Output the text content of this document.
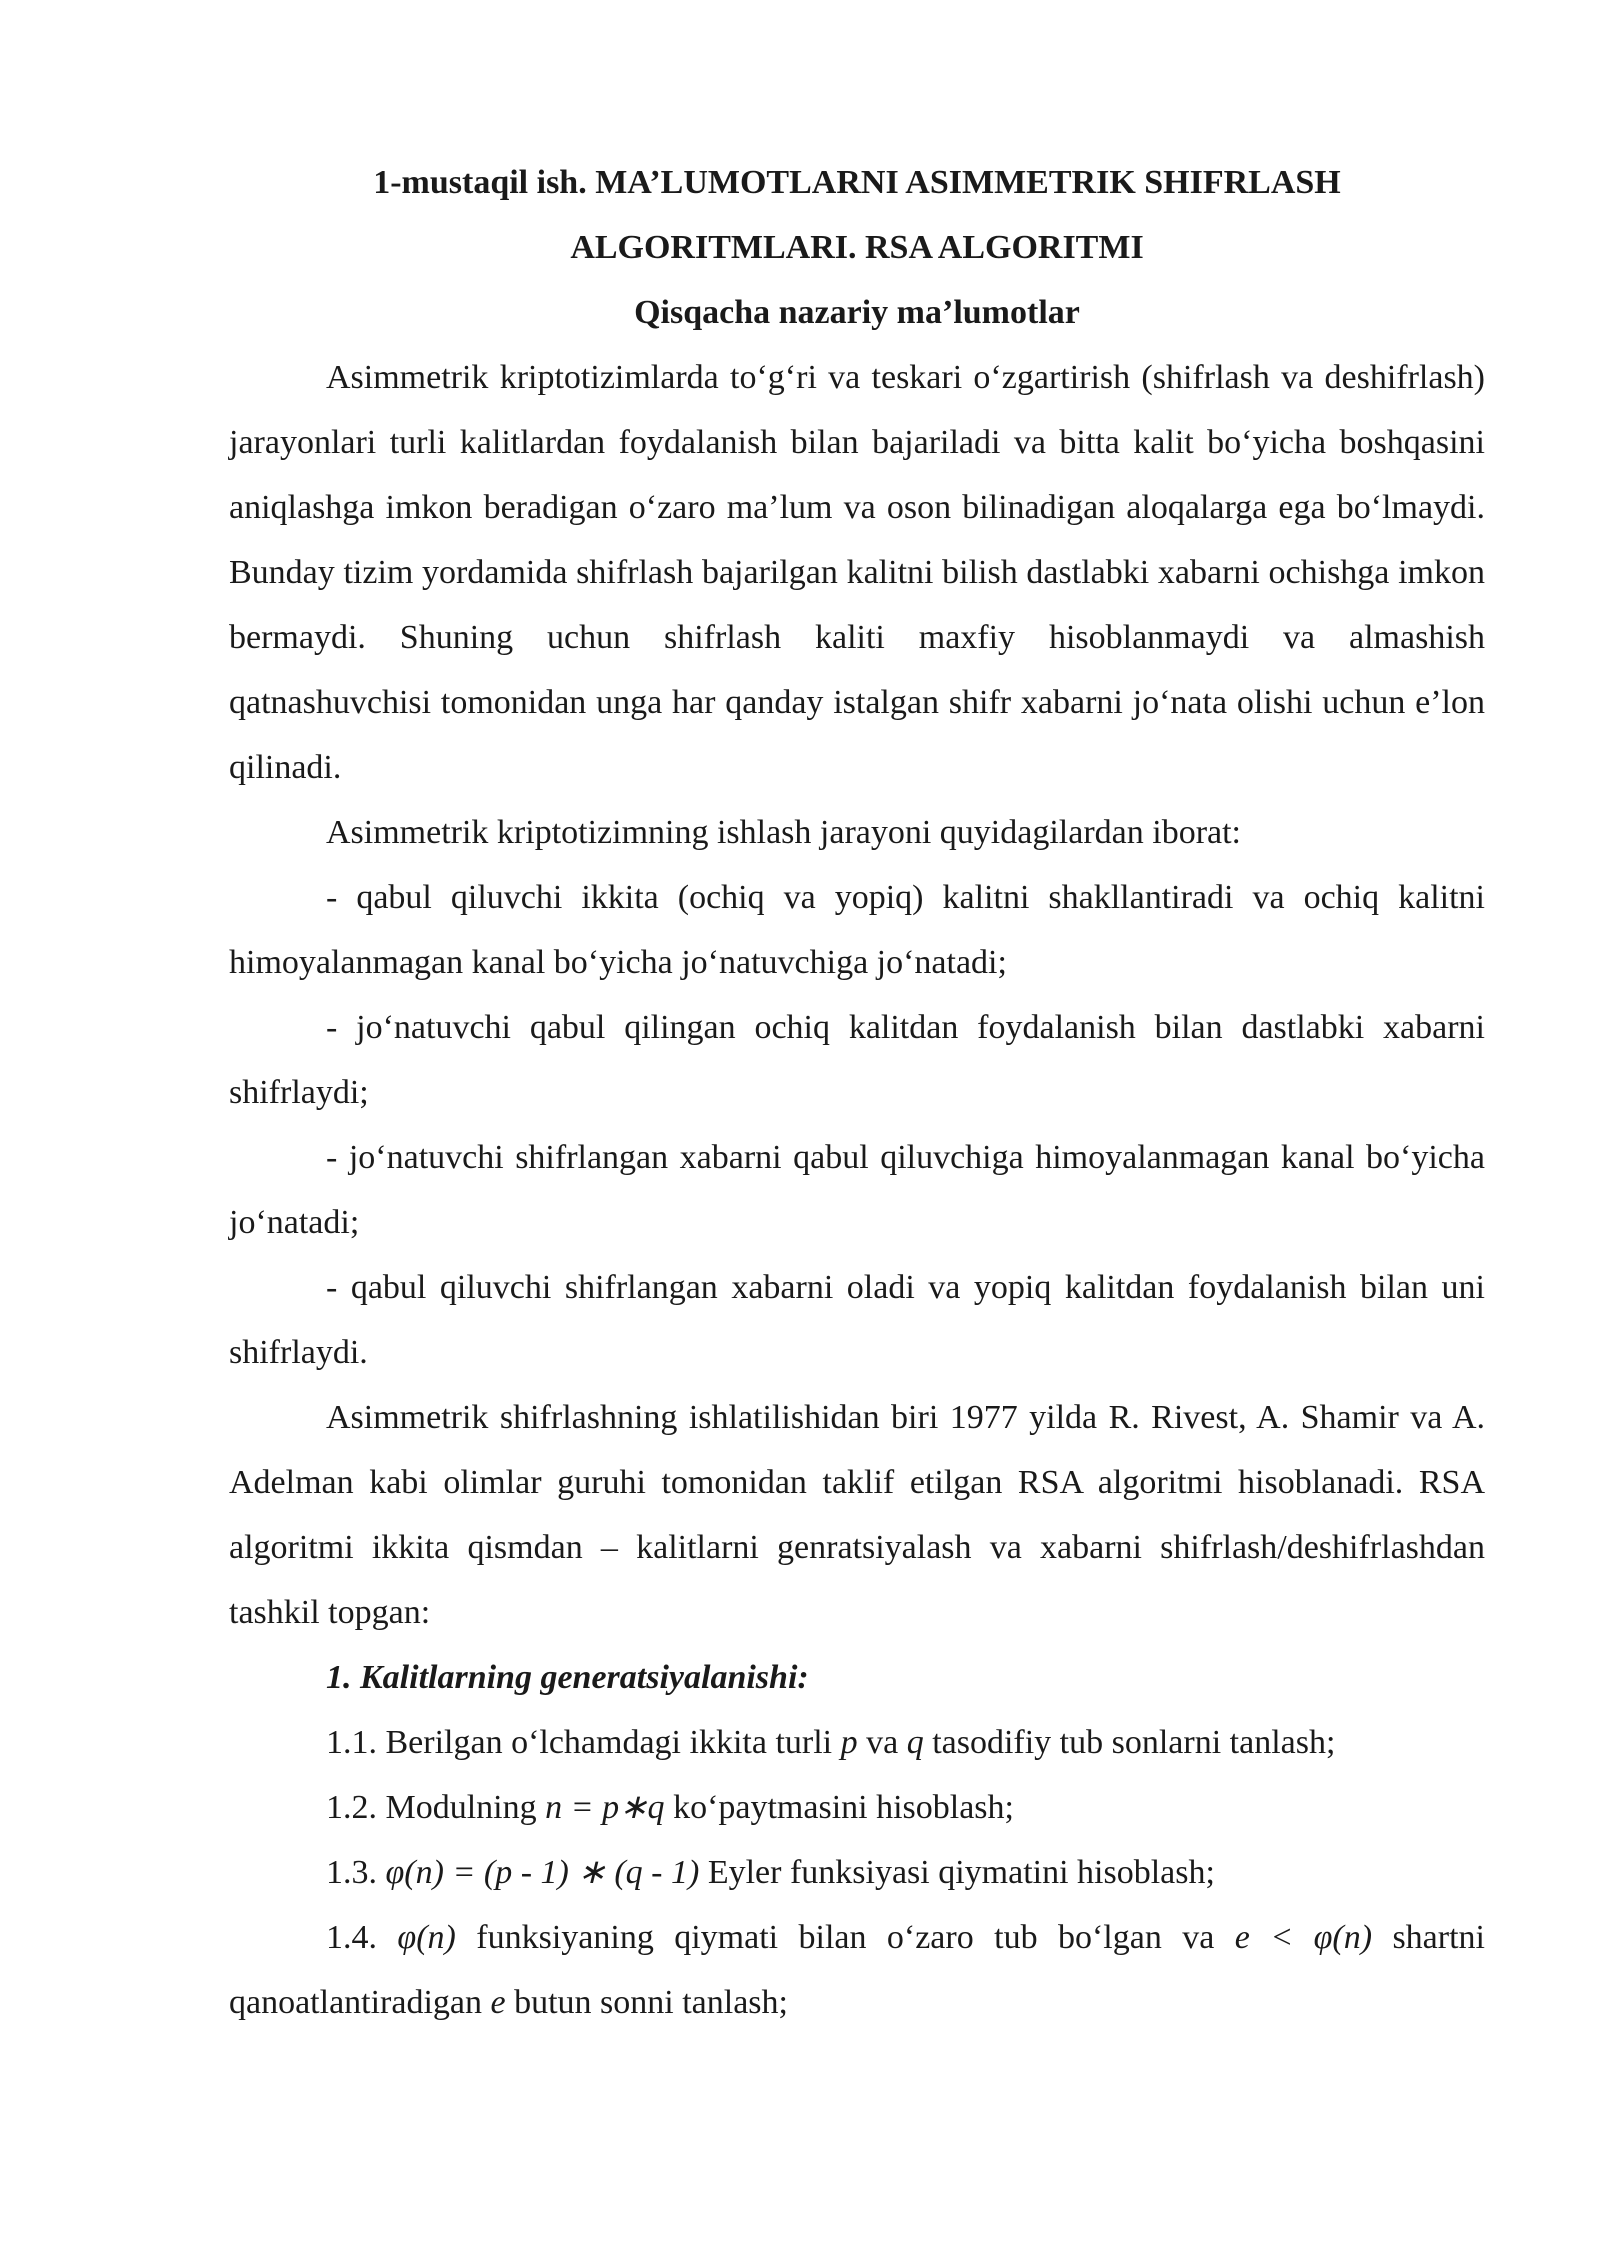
1-mustaqil ish. MA’LUMOTLARNI ASIMMETRIK SHIFRLASH

ALGORITMLARI. RSA ALGORITMI

Qisqacha nazariy ma’lumotlar

Asimmetrik kriptotizimlarda to‘g‘ri va teskari o‘zgartirish (shifrlash va deshifrlash) jarayonlari turli kalitlardan foydalanish bilan bajariladi va bitta kalit bo‘yicha boshqasini aniqlashga imkon beradigan o‘zaro ma’lum va oson bilinadigan aloqalarga ega bo‘lmaydi. Bunday tizim yordamida shifrlash bajarilgan kalitni bilish dastlabki xabarni ochishga imkon bermaydi. Shuning uchun shifrlash kaliti maxfiy hisoblanmaydi va almashish qatnashuvchisi tomonidan unga har qanday istalgan shifr xabarni jo‘nata olishi uchun e’lon qilinadi.

Asimmetrik kriptotizimning ishlash jarayoni quyidagilardan iborat:

- qabul qiluvchi ikkita (ochiq va yopiq) kalitni shakllantiradi va ochiq kalitni himoyalanmagan kanal bo‘yicha jo‘natuvchiga jo‘natadi;

- jo‘natuvchi qabul qilingan ochiq kalitdan foydalanish bilan dastlabki xabarni shifrlaydi;

- jo‘natuvchi shifrlangan xabarni qabul qiluvchiga himoyalanmagan kanal bo‘yicha jo‘natadi;

- qabul qiluvchi shifrlangan xabarni oladi va yopiq kalitdan foydalanish bilan uni shifrlaydi.

Asimmetrik shifrlashning ishlatilishidan biri 1977 yilda R. Rivest, A. Shamir va A. Adelman kabi olimlar guruhi tomonidan taklif etilgan RSA algoritmi hisoblanadi. RSA algoritmi ikkita qismdan – kalitlarni genratsiyalash va xabarni shifrlash/deshifrlashdan tashkil topgan:

1. Kalitlarning generatsiyalanishi:

1.1. Berilgan o‘lchamdagi ikkita turli p va q tasodifiy tub sonlarni tanlash;

1.2. Modulning n = p∗q ko‘paytmasini hisoblash;

1.3. φ(n) = (p - 1) ∗ (q - 1) Eyler funksiyasi qiymatini hisoblash;

1.4. φ(n) funksiyaning qiymati bilan o‘zaro tub bo‘lgan va e < φ(n) shartni qanoatlantiradigan e butun sonni tanlash;
